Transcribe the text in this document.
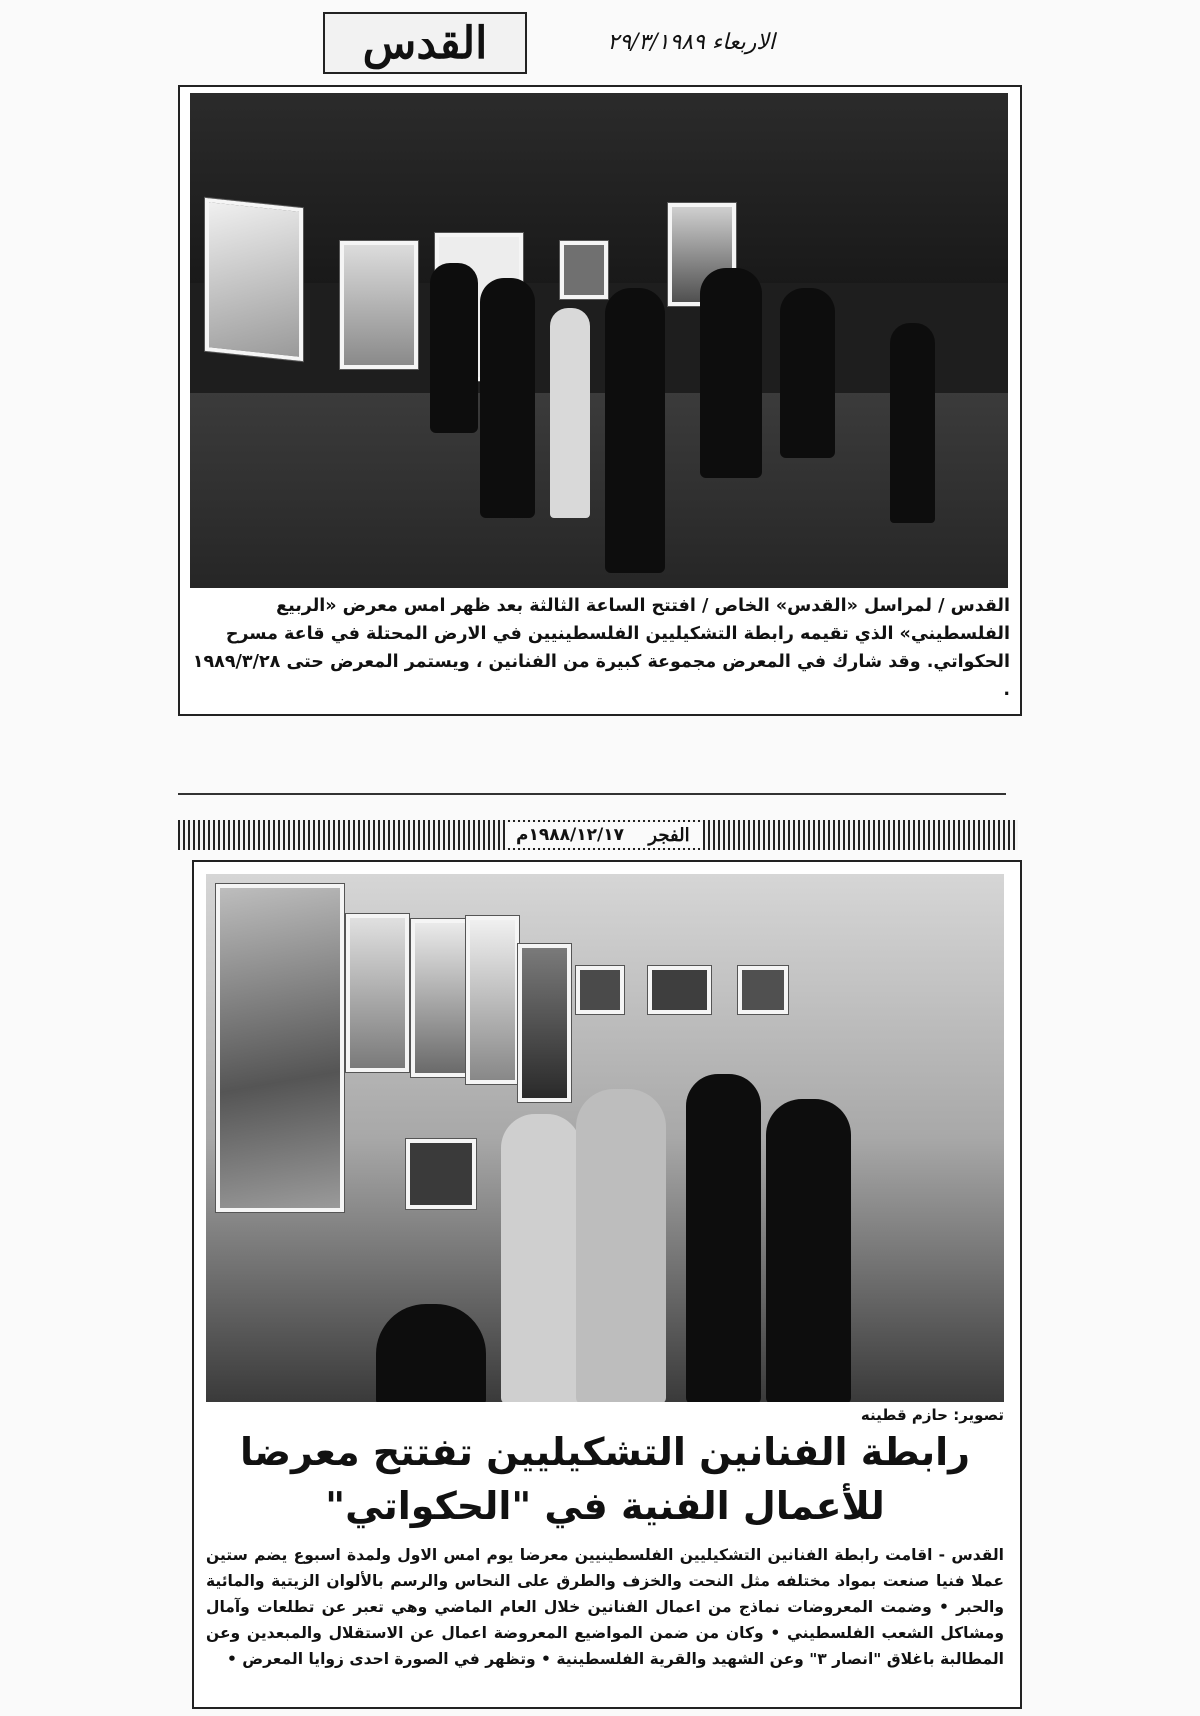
القدس	الاربعاء ٢٩/٣/١٩٨٩
القدس / لمراسل «القدس» الخاص / افتتح الساعة الثالثة بعد ظهر امس معرض «الربيع الفلسطيني» الذي تقيمه رابطة التشكيليين الفلسطينيين في الارض المحتلة في قاعة مسرح الحكواتي. وقد شارك في المعرض مجموعة كبيرة من الفنانين ، ويستمر المعرض حتى ١٩٨٩/٣/٢٨ .
الفجر
١٩٨٨/١٢/١٧م
تصوير: حازم قطينه
رابطة الفنانين التشكيليين تفتتح معرضا
للأعمال الفنية في "الحكواتي"
القدس - اقامت رابطة الفنانين التشكيليين الفلسطينيين معرضا يوم امس الاول ولمدة اسبوع يضم ستين عملا فنيا صنعت بمواد مختلفه مثل النحت والخزف والطرق على النحاس والرسم بالألوان الزيتية والمائية والحبر • وضمت المعروضات نماذج من اعمال الفنانين خلال العام الماضي وهي تعبر عن تطلعات وآمال ومشاكل الشعب الفلسطيني • وكان من ضمن المواضيع المعروضة اعمال عن الاستقلال والمبعدين وعن المطالبة باغلاق "انصار ٣" وعن الشهيد والقرية الفلسطينية • وتظهر في الصورة احدى زوايا المعرض •
